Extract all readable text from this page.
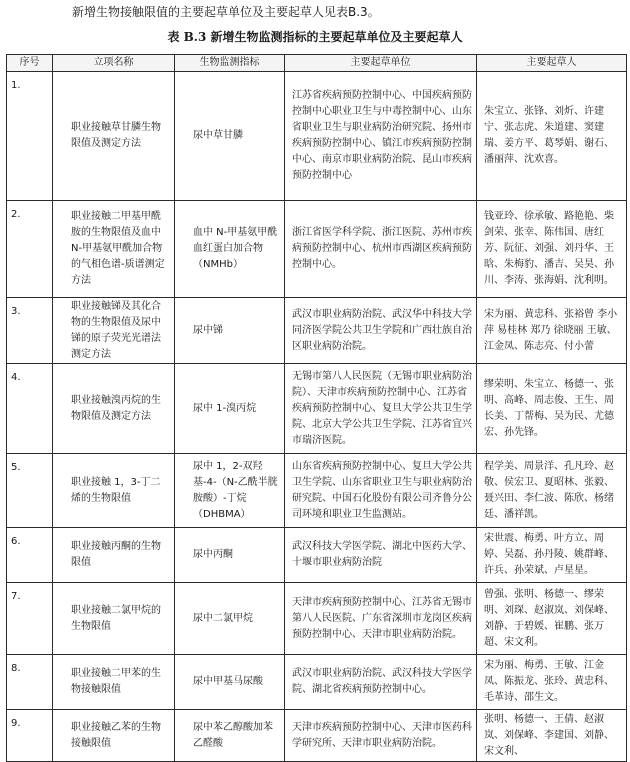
新增生物接触限值的主要起草单位及主要起草人见表B.3。
表 B.3 新增生物监测指标的主要起草单位及主要起草人
序号	立项名称	生物监测指标	主要起草单位	主要起草人
1.	职业接触草甘膦生物限值及测定方法	尿中草甘膦	江苏省疾病预防控制中心、中国疾病预防控制中心职业卫生与中毒控制中心、山东省职业卫生与职业病防治研究院、扬州市疾病预防控制中心、镇江市疾病预防控制中心、南京市职业病防治院、昆山市疾病预防控制中心	朱宝立、张锋、刘炘、许建宁、张志虎、朱道建、窦建瑞、姜方平、葛琴娟、谢石、潘丽萍、沈欢喜。
2.	职业接触二甲基甲酰胺的生物限值及血中 N-甲基氨甲酰加合物的气相色谱-质谱测定方法	血中 N-甲基氨甲酰血红蛋白加合物（NMHb）	浙江省医学科学院、浙江医院、苏州市疾病预防控制中心、杭州市西湖区疾病预防控制中心。	钱亚玲、徐承敏、路艳艳、柴剑荣、张幸、陈伟国、唐红芳、阮征、刘强、刘丹华、王晗、朱梅豹、潘吉、吴昊、孙川、李涛、张海娟、沈利明。
3.	职业接触锑及其化合物的生物限值及尿中锑的原子荧光光谱法测定方法	尿中锑	武汉市职业病防治院、武汉华中科技大学同济医学院公共卫生学院和广西壮族自治区职业病防治院。	宋为丽、黄忠科、张裕曾 李小萍 易桂林 郑乃 徐晓丽 王敏、江金凤、陈志亮、付小蕾
4.	职业接触溴丙烷的生物限值及测定方法	尿中 1-溴丙烷	无锡市第八人民医院（无锡市职业病防治院）、天津市疾病预防控制中心、江苏省疾病预防控制中心、复旦大学公共卫生学院、北京大学公共卫生学院、江苏省宜兴市瑞济医院。	缪荣明、朱宝立、杨德一、张明、高峰、周志俊、王生、周长美、丁帮梅、吴为民、尤德宏、孙先锋。
5.	职业接触 1，3-丁二烯的生物限值	尿中 1，2-双羟基-4-（N-乙酰半胱胺酸）-丁烷（DHBMA）	山东省疾病预防控制中心、复旦大学公共卫生学院、山东省职业卫生与职业病防治研究院、中国石化股份有限公司齐鲁分公司环境和职业卫生监测站。	程学美、周景洋、孔凡玲、赵敬、侯宏卫、夏昭林、张毅、聂兴田、李仁波、陈欣、杨绪廷、潘祥凯。
6.	职业接触丙酮的生物限值	尿中丙酮	武汉科技大学医学院、湖北中医药大学、十堰市职业病防治院	宋世震、梅勇、叶方立、周婷、吴磊、孙丹陵、姚群峰、许兵、孙荣斌、卢星星。
7.	职业接触二氯甲烷的生物限值	尿中二氯甲烷	天津市疾病预防控制中心、江苏省无锡市第八人民医院、广东省深圳市龙岗区疾病预防控制中心、天津市职业病防治院。	曾强、张明、杨德一、缪荣明、刘琛、赵淑岚、刘保峰、刘静、于碧媛、崔鹏、张万超、宋文利。
8.	职业接触二甲苯的生物接触限值	尿中甲基马尿酸	武汉市职业病防治院、武汉科技大学医学院、湖北省疾病预防控制中心。	宋为丽、梅勇、王敏、江金凤、陈振龙、张玲、黄忠科、毛革诗、邵生文。
9.	职业接触乙苯的生物接触限值	尿中苯乙醇酸加苯乙醛酸	天津市疾病预防控制中心、天津市医药科学研究所、天津市职业病防治院。	张明、杨德一、王倩、赵淑岚、刘保峰、李建国、刘静、宋文利、
